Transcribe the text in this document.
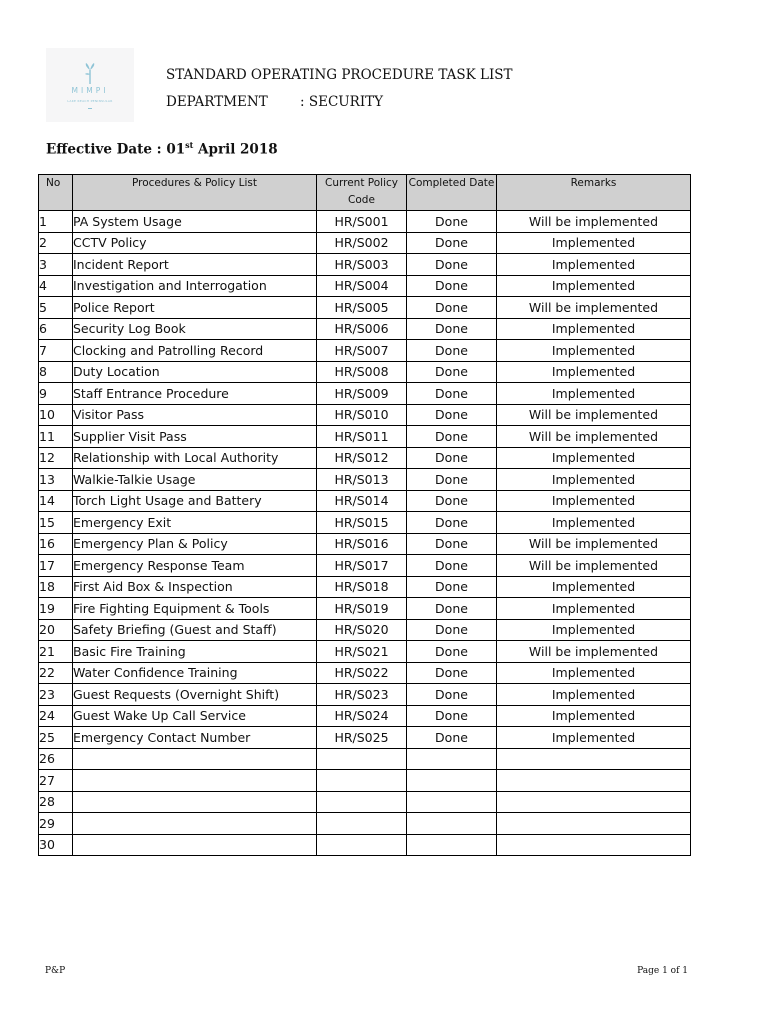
MIMPI
LAKE REACH PENINSULAR
STANDARD OPERATING PROCEDURE TASK LIST
DEPARTMENT : SECURITY
Effective Date : 01st April 2018
No	Procedures & Policy List	Current Policy Code	Completed Date	Remarks
1	PA System Usage	HR/S001	Done	Will be implemented
2	CCTV Policy	HR/S002	Done	Implemented
3	Incident Report	HR/S003	Done	Implemented
4	Investigation and Interrogation	HR/S004	Done	Implemented
5	Police Report	HR/S005	Done	Will be implemented
6	Security Log Book	HR/S006	Done	Implemented
7	Clocking and Patrolling Record	HR/S007	Done	Implemented
8	Duty Location	HR/S008	Done	Implemented
9	Staff Entrance Procedure	HR/S009	Done	Implemented
10	Visitor Pass	HR/S010	Done	Will be implemented
11	Supplier Visit Pass	HR/S011	Done	Will be implemented
12	Relationship with Local Authority	HR/S012	Done	Implemented
13	Walkie-Talkie Usage	HR/S013	Done	Implemented
14	Torch Light Usage and Battery	HR/S014	Done	Implemented
15	Emergency Exit	HR/S015	Done	Implemented
16	Emergency Plan & Policy	HR/S016	Done	Will be implemented
17	Emergency Response Team	HR/S017	Done	Will be implemented
18	First Aid Box & Inspection	HR/S018	Done	Implemented
19	Fire Fighting Equipment & Tools	HR/S019	Done	Implemented
20	Safety Briefing (Guest and Staff)	HR/S020	Done	Implemented
21	Basic Fire Training	HR/S021	Done	Will be implemented
22	Water Confidence Training	HR/S022	Done	Implemented
23	Guest Requests (Overnight Shift)	HR/S023	Done	Implemented
24	Guest Wake Up Call Service	HR/S024	Done	Implemented
25	Emergency Contact Number	HR/S025	Done	Implemented
26				
27				
28				
29				
30				
P&P	Page 1 of 1
